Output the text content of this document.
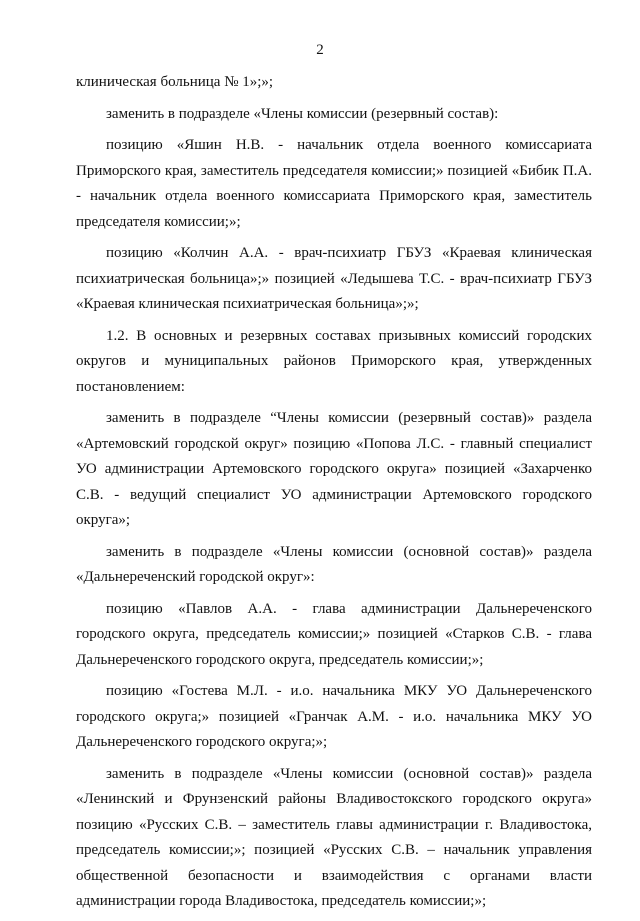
2

клиническая больница № 1»;»;

заменить в подразделе «Члены комиссии (резервный состав):

позицию «Яшин Н.В. - начальник отдела военного комиссариата Приморского края, заместитель председателя комиссии;» позицией «Бибик П.А. - начальник отдела военного комиссариата Приморского края, заместитель председателя комиссии;»;

позицию «Колчин А.А. - врач-психиатр ГБУЗ «Краевая клиническая психиатрическая больница»;» позицией «Ледышева Т.С. - врач-психиатр ГБУЗ «Краевая клиническая психиатрическая больница»;»;

1.2. В основных и резервных составах призывных комиссий городских округов и муниципальных районов Приморского края, утвержденных постановлением:

заменить в подразделе “Члены комиссии (резервный состав)» раздела «Артемовский городской округ» позицию «Попова Л.С. - главный специалист УО администрации Артемовского городского округа» позицией «Захарченко С.В. - ведущий специалист УО администрации Артемовского городского округа»;

заменить в подразделе «Члены комиссии (основной состав)» раздела «Дальнереченский городской округ»:

позицию «Павлов А.А. - глава администрации Дальнереченского городского округа, председатель комиссии;» позицией «Старков С.В. - глава Дальнереченского городского округа, председатель комиссии;»;

позицию «Гостева М.Л. - и.о. начальника МКУ УО Дальнереченского городского округа;» позицией «Гранчак А.М. - и.о. начальника МКУ УО Дальнереченского городского округа;»;

заменить в подразделе «Члены комиссии (основной состав)» раздела «Ленинский и Фрунзенский районы Владивостокского городского округа» позицию «Русских С.В. – заместитель главы администрации г. Владивостока, председатель комиссии;»; позицией «Русских С.В. – начальник управления общественной безопасности и взаимодействия с органами власти администрации города Владивостока, председатель комиссии;»;
